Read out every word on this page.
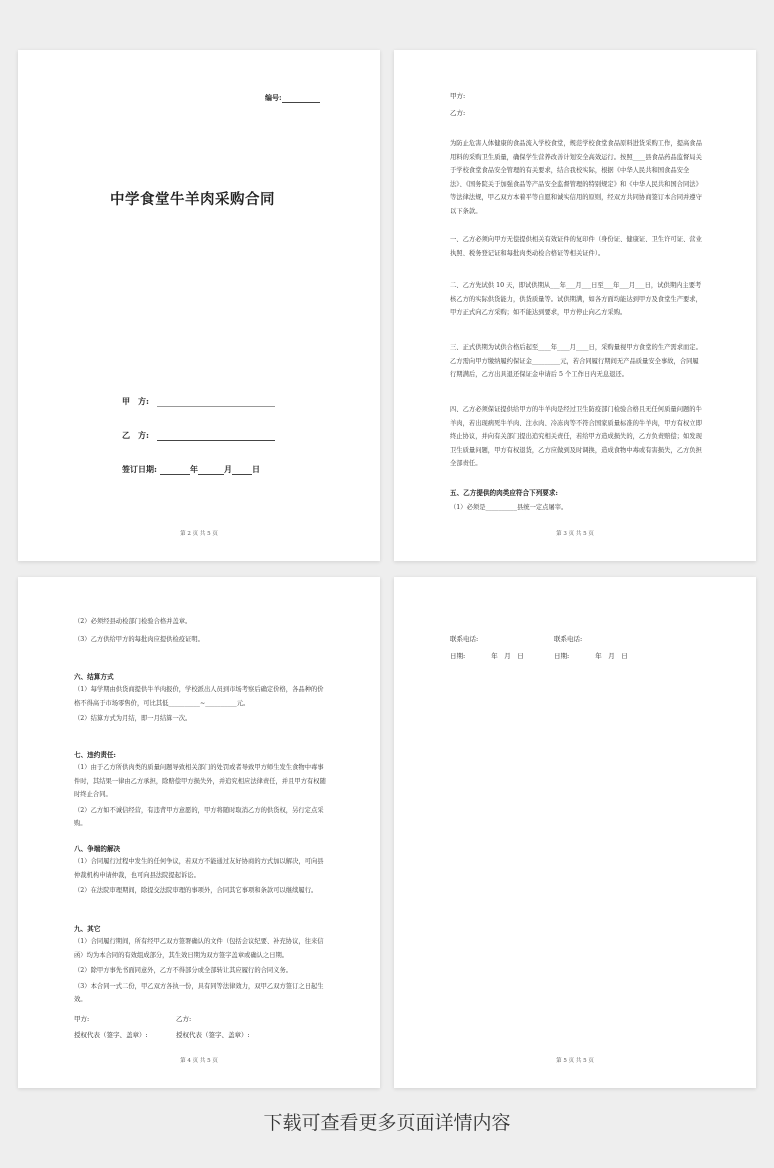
编号:
中学食堂牛羊肉采购合同
甲　方:
乙　方:
签订日期:	年	月	日
第 2 页 共 5 页
甲方:
乙方:
为防止危害人体健康的食品流入学校食堂，规范学校食堂食品原料进货采购工作，提高食品用料的采购卫生质量，确保学生营养改善计划安全高效运行。按照____县食品药品监督局关于学校食堂食品安全管理的有关要求，结合我校实际，根据《中华人民共和国食品安全法》、《国务院关于加强食品等产品安全监督管理的特别规定》和《中华人民共和国合同法》等法律法规，甲乙双方本着平等自愿和诚实信用的原则，经双方共同协商签订本合同并遵守以下条款。
一、乙方必须向甲方无偿提供相关有效证件的复印件（身份证、健康证、卫生许可证、营业执照、税务登记证和每批肉类动检合格证等相关证件）。
二、乙方先试供 10 天，即试供期从___年___月___日至___年___月___日，试供期内主要考核乙方的实际供货能力，供货质量等。试供期满，如各方面均能达到甲方及食堂生产要求，甲方正式向乙方采购；如不能达到要求，甲方停止向乙方采购。
三、正式供期为试供合格后起至____年____月____日，采购量视甲方食堂的生产需求而定。乙方需向甲方缴纳履约保证金_________元，若合同履行期间无产品质量安全事故，合同履行期满后，乙方出具退还保证金申请后 5 个工作日内无息退还。
四、乙方必须保证提供给甲方的牛羊肉是经过卫生防疫部门检验合格且无任何质量问题的牛羊肉，若出现病死牛羊肉、注水肉、冷冻肉等不符合国家质量标准的牛羊肉，甲方有权立即终止协议，并向有关部门提出追究相关责任，若给甲方造成损失的，乙方负责赔偿；如发现卫生质量问题，甲方有权退货，乙方应做到及时调换，造成食物中毒或有害损失，乙方负担全部责任。
五、乙方提供的肉类应符合下列要求:
（1）必须是__________县统一定点屠宰。
第 3 页 共 5 页
（2）必须经县动检部门检验合格并盖章。
（3）乙方供给甲方的每批肉应提供检疫证明。
六、结算方式
（1）每学期由供货商提供牛羊肉报价，学校派出人员到市场考察后确定价格，各品种的价格不得高于市场零售价，可比其低__________~__________元。
（2）结算方式为月结，即一月结算一次。
七、违约责任:
（1）由于乙方所供肉类的质量问题导致相关部门的处罚或者导致甲方师生发生食物中毒事件时，其结果一律由乙方承担，除赔偿甲方损失外，并追究相应法律责任，并且甲方有权随时终止合同。
（2）乙方如不诚信经营，有违背甲方意愿的，甲方将随时取消乙方的供货权，另行定点采购。
八、争端的解决
（1）合同履行过程中发生的任何争议，若双方不能通过友好协商的方式加以解决，可向县仲裁机构申请仲裁，也可向县法院提起诉讼。
（2）在法院审理期间，除提交法院审理的事项外，合同其它事项和条款可以继续履行。
九、其它
（1）合同履行期间，所有经甲乙双方签署确认的文件（包括会议纪要、补充协议，往来信函）均为本合同的有效组成部分，其生效日期为双方签字盖章或确认之日期。
（2）除甲方事先书面同意外，乙方不得部分或全部转让其应履行的合同义务。
（3）本合同一式二份，甲乙双方各执一份，具有同等法律效力，双甲乙双方签订之日起生效。
甲方:	乙方:
授权代表（签字、盖章）:	授权代表（签字、盖章）:
第 4 页 共 5 页
联系电话:	联系电话:
日期:　　　　年　月　日	日期:　　　　年　月　日
第 5 页 共 5 页
下载可查看更多页面详情内容
